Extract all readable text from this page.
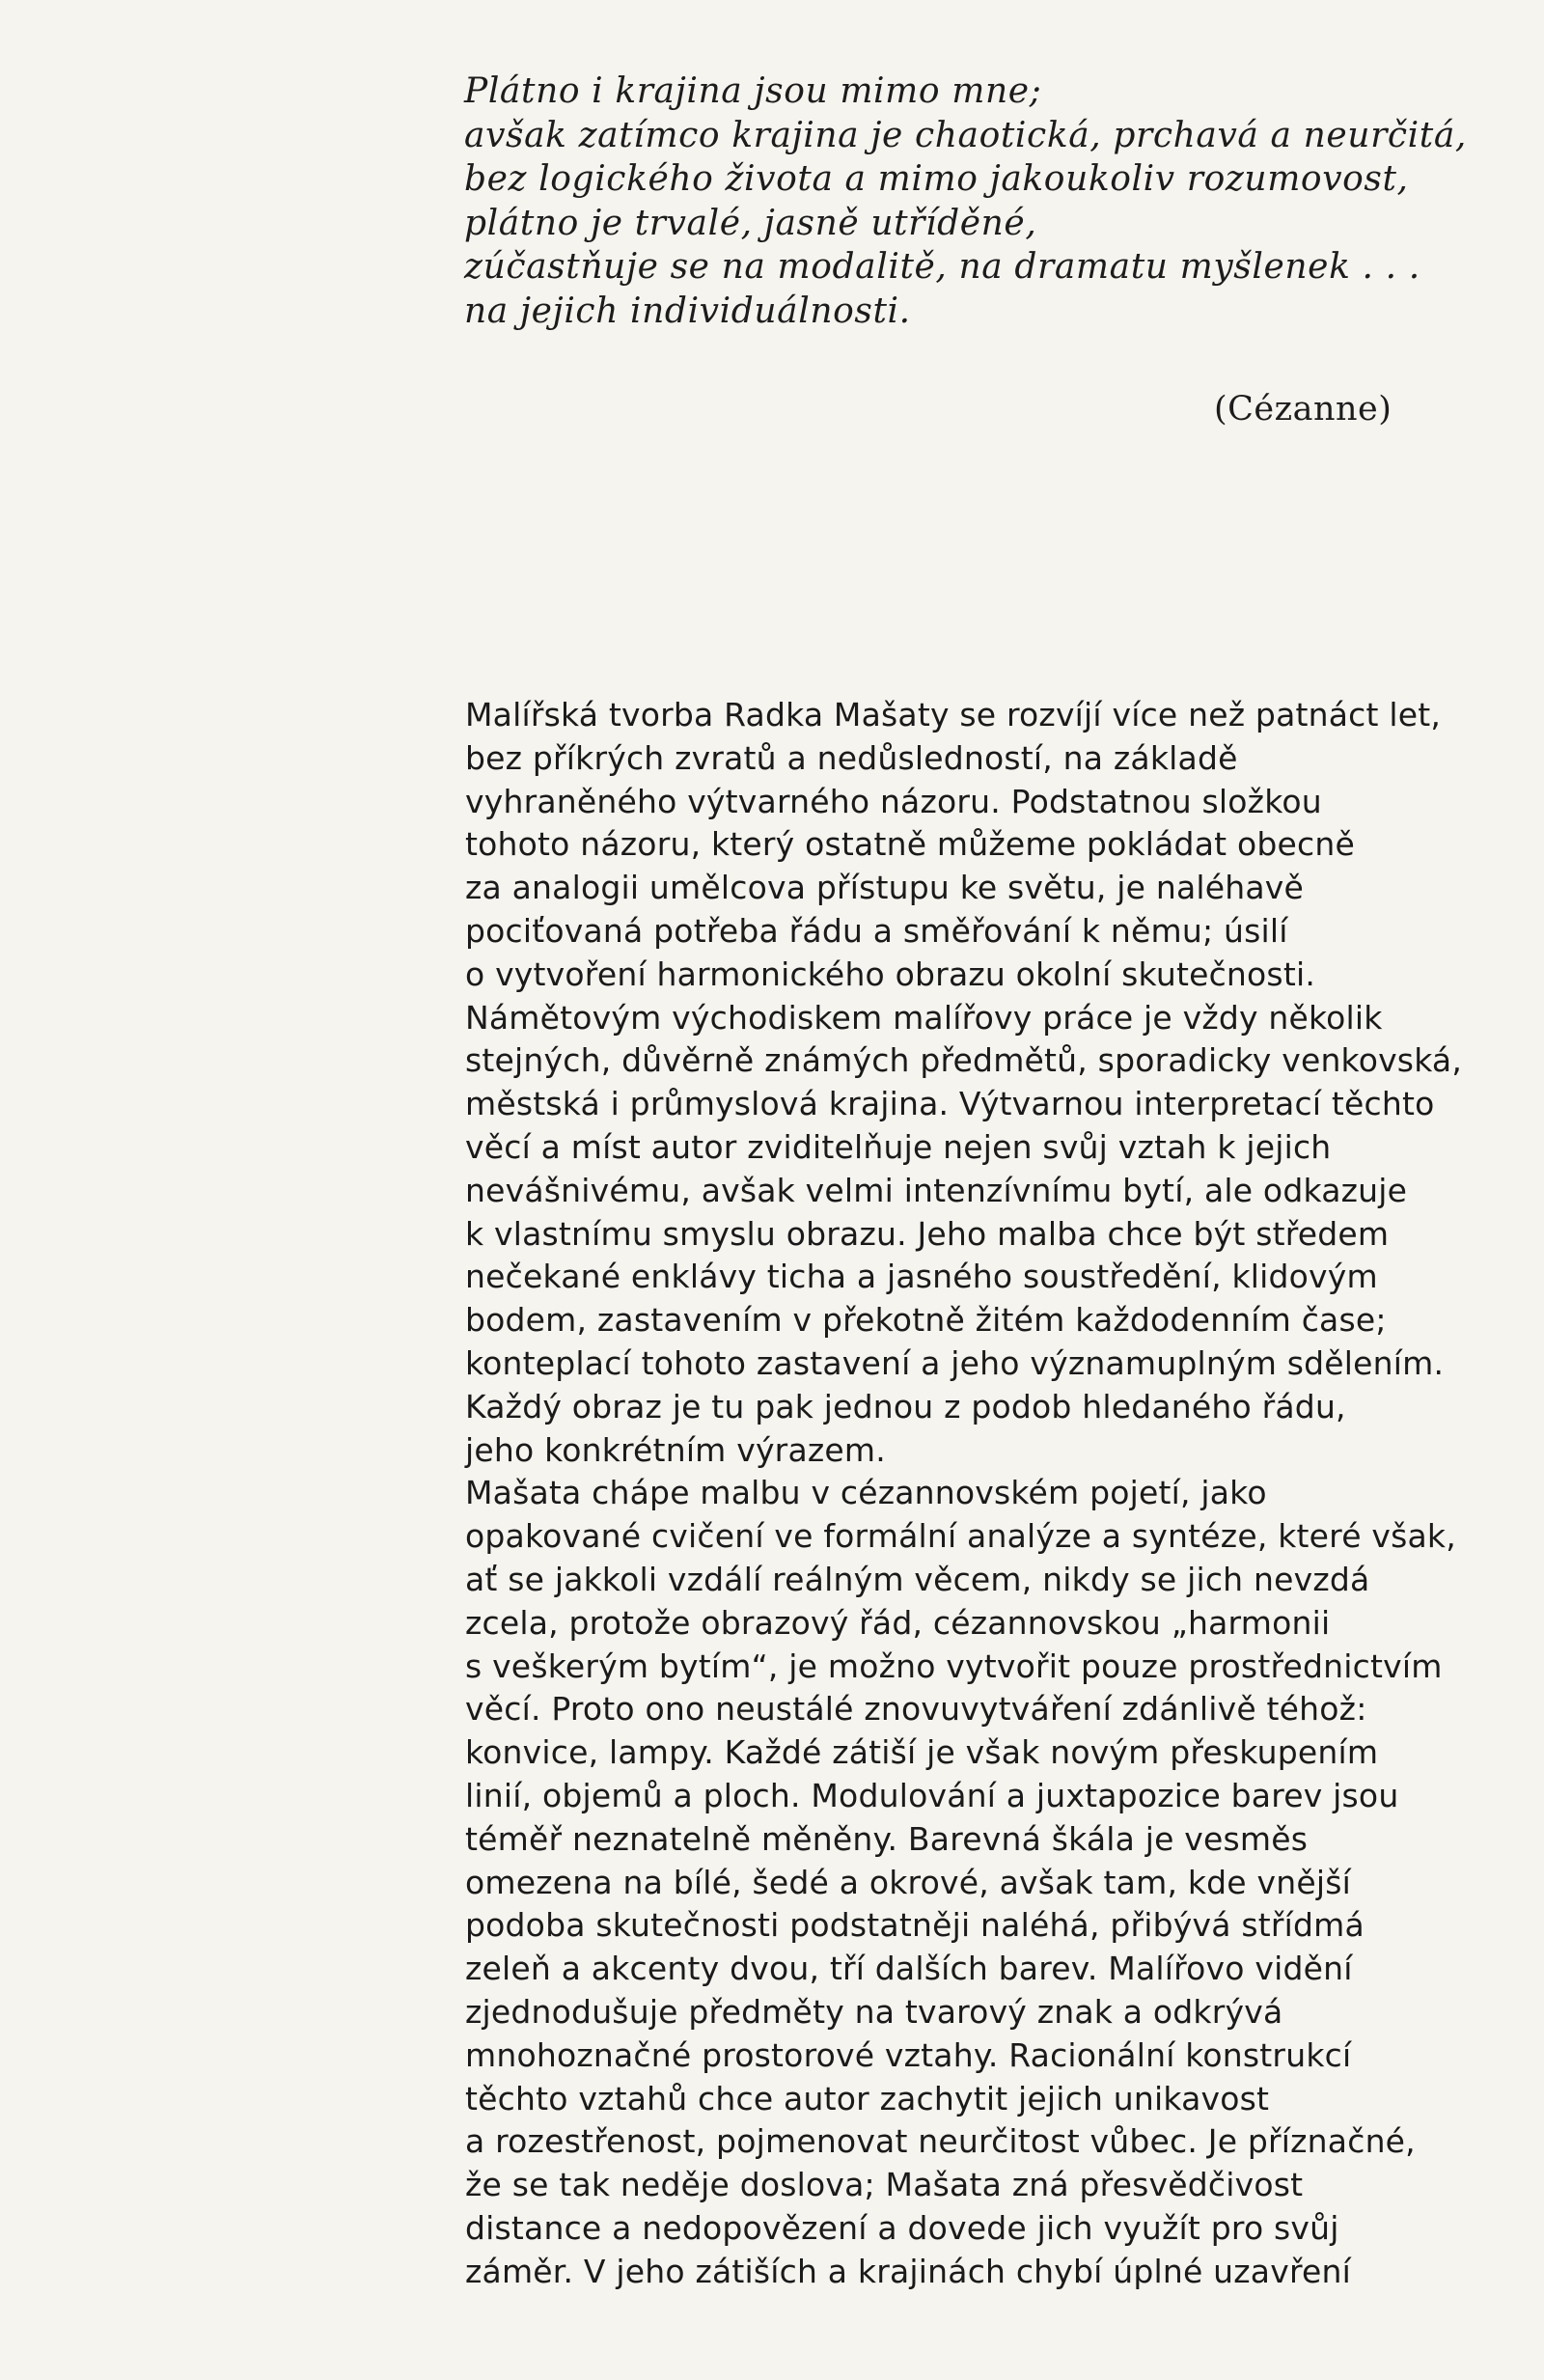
Plátno i krajina jsou mimo mne;
avšak zatímco krajina je chaotická, prchavá a neurčitá,
bez logického života a mimo jakoukoliv rozumovost,
plátno je trvalé, jasně utříděné,
zúčastňuje se na modalitě, na dramatu myšlenek . . .
na jejich individuálnosti.
(Cézanne)
Malířská tvorba Radka Mašaty se rozvíjí více než patnáct let,
bez příkrých zvratů a nedůsledností, na základě
vyhraněného výtvarného názoru. Podstatnou složkou
tohoto názoru, který ostatně můžeme pokládat obecně
za analogii umělcova přístupu ke světu, je naléhavě
pociťovaná potřeba řádu a směřování k němu; úsilí
o vytvoření harmonického obrazu okolní skutečnosti.
Námětovým východiskem malířovy práce je vždy několik
stejných, důvěrně známých předmětů, sporadicky venkovská,
městská i průmyslová krajina. Výtvarnou interpretací těchto
věcí a míst autor zviditelňuje nejen svůj vztah k jejich
nevášnivému, avšak velmi intenzívnímu bytí, ale odkazuje
k vlastnímu smyslu obrazu. Jeho malba chce být středem
nečekané enklávy ticha a jasného soustředění, klidovým
bodem, zastavením v překotně žitém každodenním čase;
konteplací tohoto zastavení a jeho významuplným sdělením.
Každý obraz je tu pak jednou z podob hledaného řádu,
jeho konkrétním výrazem.
Mašata chápe malbu v cézannovském pojetí, jako
opakované cvičení ve formální analýze a syntéze, které však,
ať se jakkoli vzdálí reálným věcem, nikdy se jich nevzdá
zcela, protože obrazový řád, cézannovskou „harmonii
s veškerým bytím“, je možno vytvořit pouze prostřednictvím
věcí. Proto ono neustálé znovuvytváření zdánlivě téhož:
konvice, lampy. Každé zátiší je však novým přeskupením
linií, objemů a ploch. Modulování a juxtapozice barev jsou
téměř neznatelně měněny. Barevná škála je vesměs
omezena na bílé, šedé a okrové, avšak tam, kde vnější
podoba skutečnosti podstatněji naléhá, přibývá střídmá
zeleň a akcenty dvou, tří dalších barev. Malířovo vidění
zjednodušuje předměty na tvarový znak a odkrývá
mnohoznačné prostorové vztahy. Racionální konstrukcí
těchto vztahů chce autor zachytit jejich unikavost
a rozestřenost, pojmenovat neurčitost vůbec. Je příznačné,
že se tak neděje doslova; Mašata zná přesvědčivost
distance a nedopovězení a dovede jich využít pro svůj
záměr. V jeho zátiších a krajinách chybí úplné uzavření
